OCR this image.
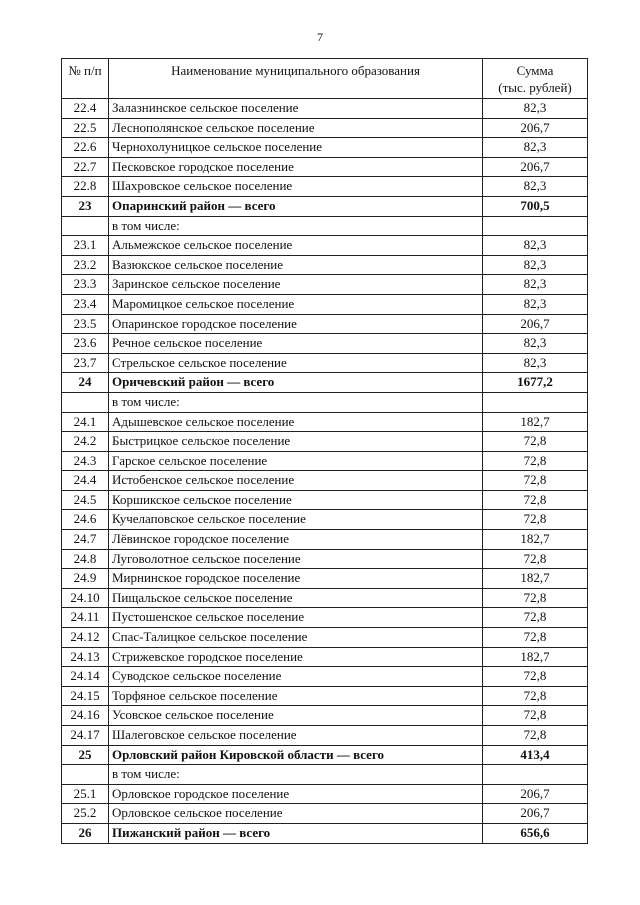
7
№ п/п	Наименование муниципального образования	Сумма
(тыс. рублей)
22.4	Залазнинское сельское поселение	82,3
22.5	Леснополянское сельское поселение	206,7
22.6	Чернохолуницкое сельское поселение	82,3
22.7	Песковское городское поселение	206,7
22.8	Шахровское сельское поселение	82,3
23	Опаринский район — всего	700,5
	в том числе:	
23.1	Альмежское сельское поселение	82,3
23.2	Вазюкское сельское поселение	82,3
23.3	Заринское сельское поселение	82,3
23.4	Маромицкое сельское поселение	82,3
23.5	Опаринское городское поселение	206,7
23.6	Речное сельское поселение	82,3
23.7	Стрельское сельское поселение	82,3
24	Оричевский район — всего	1677,2
	в том числе:	
24.1	Адышевское сельское поселение	182,7
24.2	Быстрицкое сельское поселение	72,8
24.3	Гарское сельское поселение	72,8
24.4	Истобенское сельское поселение	72,8
24.5	Коршикское сельское поселение	72,8
24.6	Кучелаповское сельское поселение	72,8
24.7	Лёвинское городское поселение	182,7
24.8	Луговолотное сельское поселение	72,8
24.9	Мирнинское городское поселение	182,7
24.10	Пищальское сельское поселение	72,8
24.11	Пустошенское сельское поселение	72,8
24.12	Спас-Талицкое сельское поселение	72,8
24.13	Стрижевское городское поселение	182,7
24.14	Суводское сельское поселение	72,8
24.15	Торфяное сельское поселение	72,8
24.16	Усовское сельское поселение	72,8
24.17	Шалеговское сельское поселение	72,8
25	Орловский район Кировской области — всего	413,4
	в том числе:	
25.1	Орловское городское поселение	206,7
25.2	Орловское сельское поселение	206,7
26	Пижанский район — всего	656,6
